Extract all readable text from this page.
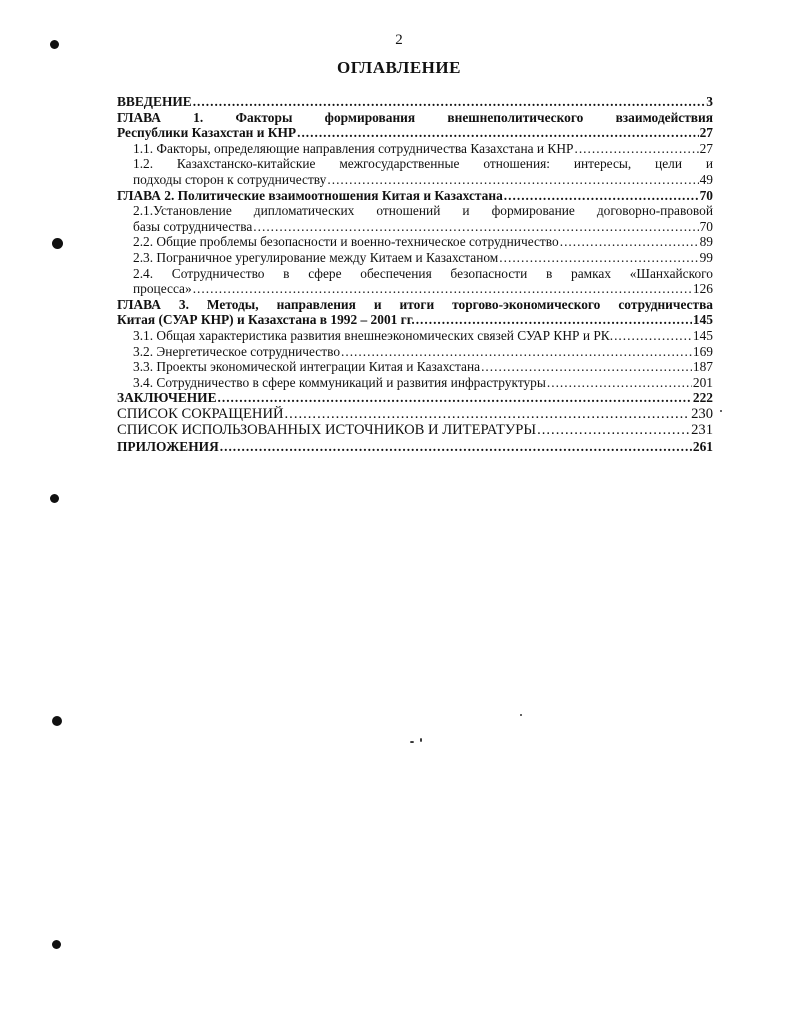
2
ОГЛАВЛЕНИЕ
ВВЕДЕНИЕ .....	3
ГЛАВА 1. Факторы формирования внешнеполитического взаимодействия
Республики Казахстан и КНР .....	27
1.1. Факторы, определяющие направления сотрудничества Казахстана и КНР .....	27
1.2. Казахстанско-китайские межгосударственные отношения: интересы, цели и
подходы сторон к сотрудничеству .....	49
ГЛАВА 2. Политические взаимоотношения Китая и Казахстана .....	70
2.1.Установление дипломатических отношений и формирование договорно-правовой
базы сотрудничества .....	70
2.2. Общие проблемы безопасности и военно-техническое сотрудничество .....	89
2.3. Пограничное урегулирование между Китаем и Казахстаном .....	99
2.4. Сотрудничество в сфере обеспечения безопасности в рамках «Шанхайского
процесса» .....	126
ГЛАВА 3. Методы, направления и итоги торгово-экономического сотрудничества
Китая (СУАР КНР) и Казахстана в 1992 – 2001 гг. .....	145
3.1. Общая характеристика развития внешнеэкономических связей СУАР КНР и РК. .....	145
3.2. Энергетическое сотрудничество .....	169
3.3. Проекты экономической интеграции Китая и Казахстана .....	187
3.4. Сотрудничество в сфере коммуникаций и развития инфраструктуры .....	201
ЗАКЛЮЧЕНИЕ .....	222
СПИСОК СОКРАЩЕНИЙ .....	230
СПИСОК ИСПОЛЬЗОВАННЫХ ИСТОЧНИКОВ И ЛИТЕРАТУРЫ .....	231
ПРИЛОЖЕНИЯ .....	261
